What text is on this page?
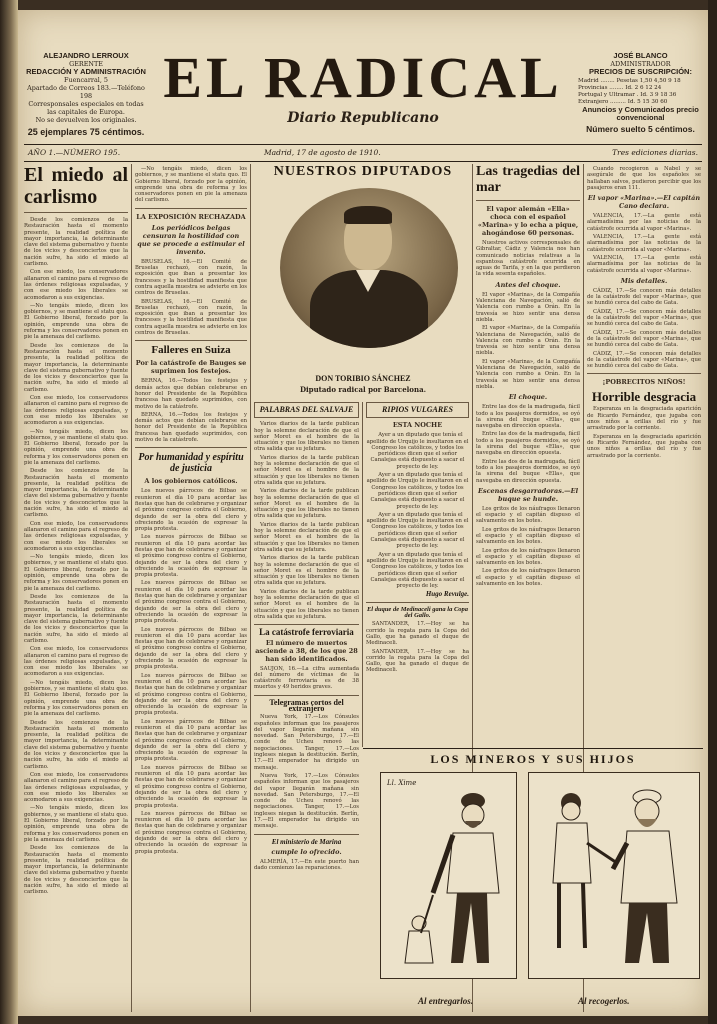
ALEJANDRO LERROUX
GERENTE
REDACCIÓN Y ADMINISTRACIÓN
Fuencarral, 5
Apartado de Correos 183.—Teléfono 198
Corresponsales especiales en todas las capitales de Europa.
No se devuelven los originales.
25 ejemplares 75 céntimos.
EL RADICAL
Diario Republicano
JOSÉ BLANCO
ADMINISTRADOR
PRECIOS DE SUSCRIPCIÓN:
Madrid ........ Pesetas 1,50 4,50 9 18
Provincias ........ Id. 2 6 12 24
Portugal y Ultramar . Id. 3 9 18 36
Extranjero ......... Id. 5 15 30 60
Anuncios y Comunicados precio convencional
Número suelto 5 céntimos.
AÑO 1.—NÚMERO 195.	Madrid, 17 de agosto de 1910.	Tres ediciones diarias.
El miedo al carlismo

Desde los comienzos de la Restauración hasta el momento presente, la realidad política de mayor importancia, la determinante clave del sistema gubernativo y fuente de los vicios y desconciertos que la nación sufre, ha sido el miedo al carlismo.

Con ese miedo, los conservadores allanaron el camino para el regreso de las órdenes religiosas expulsadas, y con ese miedo los liberales se acomodaron a sus exigencias.

—No tengáis miedo, dicen los gobiernos, y se mantiene el statu quo. El Gobierno liberal, forzado por la opinión, emprende una obra de reforma y los conservadores ponen en pie la amenaza del carlismo.

Desde los comienzos de la Restauración hasta el momento presente, la realidad política de mayor importancia, la determinante clave del sistema gubernativo y fuente de los vicios y desconciertos que la nación sufre, ha sido el miedo al carlismo.

Con ese miedo, los conservadores allanaron el camino para el regreso de las órdenes religiosas expulsadas, y con ese miedo los liberales se acomodaron a sus exigencias.

—No tengáis miedo, dicen los gobiernos, y se mantiene el statu quo. El Gobierno liberal, forzado por la opinión, emprende una obra de reforma y los conservadores ponen en pie la amenaza del carlismo.

Desde los comienzos de la Restauración hasta el momento presente, la realidad política de mayor importancia, la determinante clave del sistema gubernativo y fuente de los vicios y desconciertos que la nación sufre, ha sido el miedo al carlismo.

Con ese miedo, los conservadores allanaron el camino para el regreso de las órdenes religiosas expulsadas, y con ese miedo los liberales se acomodaron a sus exigencias.

—No tengáis miedo, dicen los gobiernos, y se mantiene el statu quo. El Gobierno liberal, forzado por la opinión, emprende una obra de reforma y los conservadores ponen en pie la amenaza del carlismo.

Desde los comienzos de la Restauración hasta el momento presente, la realidad política de mayor importancia, la determinante clave del sistema gubernativo y fuente de los vicios y desconciertos que la nación sufre, ha sido el miedo al carlismo.

Con ese miedo, los conservadores allanaron el camino para el regreso de las órdenes religiosas expulsadas, y con ese miedo los liberales se acomodaron a sus exigencias.

—No tengáis miedo, dicen los gobiernos, y se mantiene el statu quo. El Gobierno liberal, forzado por la opinión, emprende una obra de reforma y los conservadores ponen en pie la amenaza del carlismo.

Desde los comienzos de la Restauración hasta el momento presente, la realidad política de mayor importancia, la determinante clave del sistema gubernativo y fuente de los vicios y desconciertos que la nación sufre, ha sido el miedo al carlismo.

Con ese miedo, los conservadores allanaron el camino para el regreso de las órdenes religiosas expulsadas, y con ese miedo los liberales se acomodaron a sus exigencias.

—No tengáis miedo, dicen los gobiernos, y se mantiene el statu quo. El Gobierno liberal, forzado por la opinión, emprende una obra de reforma y los conservadores ponen en pie la amenaza del carlismo.

Desde los comienzos de la Restauración hasta el momento presente, la realidad política de mayor importancia, la determinante clave del sistema gubernativo y fuente de los vicios y desconciertos que la nación sufre, ha sido el miedo al carlismo.

—No tengáis miedo, dicen los gobiernos, y se mantiene el statu quo. El Gobierno liberal, forzado por la opinión, emprende una obra de reforma y los conservadores ponen en pie la amenaza del carlismo.

LA EXPOSICIÓN RECHAZADA
Los periódicos belgas censuran la hostilidad con que se procede a estimular el invento.

BRUSELAS, 16.—El Comité de Bruselas rechazó, con razón, la exposición que iban a presentar los franceses y la hostilidad manifiesta que contra aquella muestra se advierte en los centros de Bruselas.

BRUSELAS, 16.—El Comité de Bruselas rechazó, con razón, la exposición que iban a presentar los franceses y la hostilidad manifiesta que contra aquella muestra se advierte en los centros de Bruselas.

Falleres en Suiza
Por la catástrofe de Bauges se suprimen los festejos.

BERNA, 16.—Todos los festejos y demás actos que debían celebrarse en honor del Presidente de la República francesa han quedado suprimidos, con motivo de la catástrofe.

BERNA, 16.—Todos los festejos y demás actos que debían celebrarse en honor del Presidente de la República francesa han quedado suprimidos, con motivo de la catástrofe.

Por humanidad y espíritu de justicia
A los gobiernos católicos.

Los nuevos párrocos de Bilbao se reunieron el día 10 para acordar las fiestas que han de celebrarse y organizar el próximo congreso contra el Gobierno, dejando de ser la obra del clero y ofreciendo la ocasión de expresar la propia protesta.

Los nuevos párrocos de Bilbao se reunieron el día 10 para acordar las fiestas que han de celebrarse y organizar el próximo congreso contra el Gobierno, dejando de ser la obra del clero y ofreciendo la ocasión de expresar la propia protesta.

Los nuevos párrocos de Bilbao se reunieron el día 10 para acordar las fiestas que han de celebrarse y organizar el próximo congreso contra el Gobierno, dejando de ser la obra del clero y ofreciendo la ocasión de expresar la propia protesta.

Los nuevos párrocos de Bilbao se reunieron el día 10 para acordar las fiestas que han de celebrarse y organizar el próximo congreso contra el Gobierno, dejando de ser la obra del clero y ofreciendo la ocasión de expresar la propia protesta.

Los nuevos párrocos de Bilbao se reunieron el día 10 para acordar las fiestas que han de celebrarse y organizar el próximo congreso contra el Gobierno, dejando de ser la obra del clero y ofreciendo la ocasión de expresar la propia protesta.

Los nuevos párrocos de Bilbao se reunieron el día 10 para acordar las fiestas que han de celebrarse y organizar el próximo congreso contra el Gobierno, dejando de ser la obra del clero y ofreciendo la ocasión de expresar la propia protesta.

Los nuevos párrocos de Bilbao se reunieron el día 10 para acordar las fiestas que han de celebrarse y organizar el próximo congreso contra el Gobierno, dejando de ser la obra del clero y ofreciendo la ocasión de expresar la propia protesta.

Los nuevos párrocos de Bilbao se reunieron el día 10 para acordar las fiestas que han de celebrarse y organizar el próximo congreso contra el Gobierno, dejando de ser la obra del clero y ofreciendo la ocasión de expresar la propia protesta.

NUESTROS DIPUTADOS
DON TORIBIO SÁNCHEZ
Diputado radical por Barcelona.
PALABRAS DEL SALVAJE

Varios diarios de la tarde publican hoy la solemne declaración de que el señor Moret es el hombre de la situación y que los liberales no tienen otra salida que su jefatura.

Varios diarios de la tarde publican hoy la solemne declaración de que el señor Moret es el hombre de la situación y que los liberales no tienen otra salida que su jefatura.

Varios diarios de la tarde publican hoy la solemne declaración de que el señor Moret es el hombre de la situación y que los liberales no tienen otra salida que su jefatura.

Varios diarios de la tarde publican hoy la solemne declaración de que el señor Moret es el hombre de la situación y que los liberales no tienen otra salida que su jefatura.

Varios diarios de la tarde publican hoy la solemne declaración de que el señor Moret es el hombre de la situación y que los liberales no tienen otra salida que su jefatura.

Varios diarios de la tarde publican hoy la solemne declaración de que el señor Moret es el hombre de la situación y que los liberales no tienen otra salida que su jefatura.

La catástrofe ferroviaria
El número de muertos asciende a 38, de los que 28 han sido identificados.

SAUJON, 16.—La cifra aumentada del número de víctimas de la catástrofe ferroviaria es de 38 muertos y 49 heridos graves.

Telegramas cortos del extranjero

Nueva York, 17.—Los Cónsules españoles informan que los pasajeros del vapor llegarán mañana sin novedad. San Petersburgo, 17.—El conde de Ucheu renovó las negociaciones. Tanger, 17.—Los ingleses niegan la destitución. Berlín, 17.—El emperador ha dirigido un mensaje.

Nueva York, 17.—Los Cónsules españoles informan que los pasajeros del vapor llegarán mañana sin novedad. San Petersburgo, 17.—El conde de Ucheu renovó las negociaciones. Tanger, 17.—Los ingleses niegan la destitución. Berlín, 17.—El emperador ha dirigido un mensaje.

El ministerio de Marina
cumple lo ofrecido.

ALMERÍA, 17.—En este puerto han dado comienzo las reparaciones.

RIPIOS VULGARES
ESTA NOCHE

Ayer a un diputado que tenía el apellido de Urquijo le insultaron en el Congreso los católicos, y todos los periódicos dicen que el señor Canalejas está dispuesto a sacar el proyecto de ley.

Ayer a un diputado que tenía el apellido de Urquijo le insultaron en el Congreso los católicos, y todos los periódicos dicen que el señor Canalejas está dispuesto a sacar el proyecto de ley.

Ayer a un diputado que tenía el apellido de Urquijo le insultaron en el Congreso los católicos, y todos los periódicos dicen que el señor Canalejas está dispuesto a sacar el proyecto de ley.

Ayer a un diputado que tenía el apellido de Urquijo le insultaron en el Congreso los católicos, y todos los periódicos dicen que el señor Canalejas está dispuesto a sacar el proyecto de ley.

Hugo Revulge.
El duque de Medinaceli gana la Copa del Gallo.

SANTANDER, 17.—Hoy se ha corrido la regata para la Copa del Gallo, que ha ganado el duque de Medinaceli.

SANTANDER, 17.—Hoy se ha corrido la regata para la Copa del Gallo, que ha ganado el duque de Medinaceli.

Las tragedias del mar
El vapor alemán «Ella» choca con el español «Marina» y lo echa a pique, ahogándose 60 personas.

Nuestros activos corresponsales de Gibraltar, Cádiz y Valencia nos han comunicado noticias relativas a la espantosa catástrofe ocurrida en aguas de Tarifa, y en la que perdieron la vida sesenta españoles.

Antes del choque.

El vapor «Marina», de la Compañía Valenciana de Navegación, salió de Valencia con rumbo a Orán. En la travesía se hizo sentir una densa niebla.

El vapor «Marina», de la Compañía Valenciana de Navegación, salió de Valencia con rumbo a Orán. En la travesía se hizo sentir una densa niebla.

El vapor «Marina», de la Compañía Valenciana de Navegación, salió de Valencia con rumbo a Orán. En la travesía se hizo sentir una densa niebla.

El choque.

Entre las dos de la madrugada, fácil todo a los pasajeros dormidos, se oyó la sirena del buque «Ella», que navegaba en dirección opuesta.

Entre las dos de la madrugada, fácil todo a los pasajeros dormidos, se oyó la sirena del buque «Ella», que navegaba en dirección opuesta.

Entre las dos de la madrugada, fácil todo a los pasajeros dormidos, se oyó la sirena del buque «Ella», que navegaba en dirección opuesta.

Escenas desgarradoras.—El buque se hunde.

Los gritos de los náufragos llenaron el espacio y el capitán dispuso el salvamento en los botes.

Los gritos de los náufragos llenaron el espacio y el capitán dispuso el salvamento en los botes.

Los gritos de los náufragos llenaron el espacio y el capitán dispuso el salvamento en los botes.

Los gritos de los náufragos llenaron el espacio y el capitán dispuso el salvamento en los botes.

Cuando recogieron a Nabel y se asegúrale de que los españoles se hallaban salvos, pudieron percibir que los pasajeros eran 111.

El vapor «Marina».—El capitán Cano declara.

VALENCIA, 17.—La gente está alarmadísima por las noticias de la catástrofe ocurrida al vapor «Marina».

VALENCIA, 17.—La gente está alarmadísima por las noticias de la catástrofe ocurrida al vapor «Marina».

VALENCIA, 17.—La gente está alarmadísima por las noticias de la catástrofe ocurrida al vapor «Marina».

Mis detalles.

CÁDIZ, 17.—Se conocen más detalles de la catástrofe del vapor «Marina», que se hundió cerca del cabo de Gata.

CÁDIZ, 17.—Se conocen más detalles de la catástrofe del vapor «Marina», que se hundió cerca del cabo de Gata.

CÁDIZ, 17.—Se conocen más detalles de la catástrofe del vapor «Marina», que se hundió cerca del cabo de Gata.

CÁDIZ, 17.—Se conocen más detalles de la catástrofe del vapor «Marina», que se hundió cerca del cabo de Gata.

¡POBRECITOS NIÑOS!
Horrible desgracia

Esperanza en la desgraciada aparición de Ricardo Fernández, que jugaba con unos niños a orillas del río y fue arrastrado por la corriente.

Esperanza en la desgraciada aparición de Ricardo Fernández, que jugaba con unos niños a orillas del río y fue arrastrado por la corriente.

LOS MINEROS Y SUS HIJOS
Ll. Xime
Al entregarlos.	Al recogerlos.
